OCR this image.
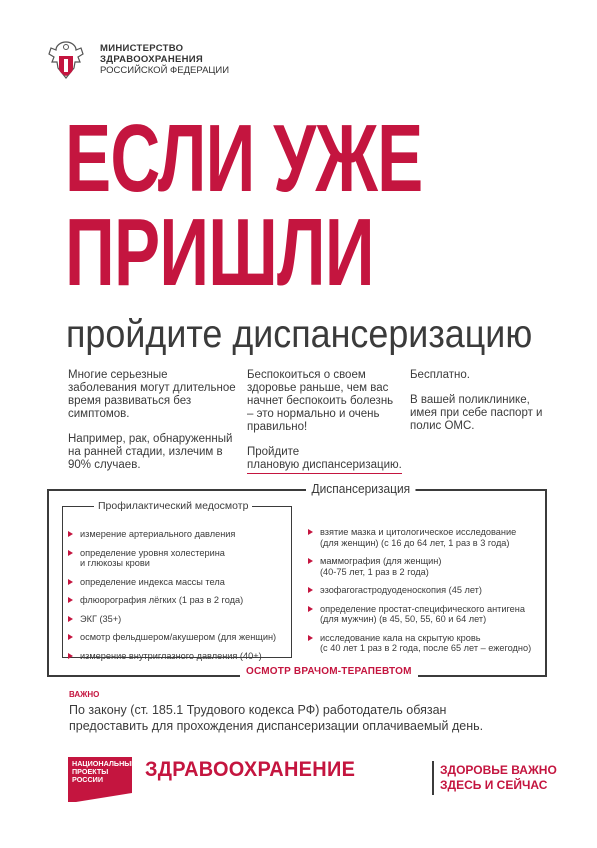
МИНИСТЕРСТВО
ЗДРАВООХРАНЕНИЯ
РОССИЙСКОЙ ФЕДЕРАЦИИ
ЕСЛИ УЖЕ
ПРИШЛИ
пройдите диспансеризацию

Многие серьезные заболевания могут длительное время развиваться без симптомов.

Например, рак, обнаруженный на ранней стадии, излечим в 90% случаев.

Беспокоиться о своем здоровье раньше, чем вас начнет беспокоить болезнь – это нормально и очень правильно!

Пройдите
плановую диспансеризацию.

Бесплатно.

В вашей поликлинике, имея при себе паспорт и полис ОМС.

Диспансеризация
Профилактический медосмотр
измерение артериального давления
определение уровня холестерина
и глюкозы крови
определение индекса массы тела
флюорография лёгких (1 раз в 2 года)
ЭКГ (35+)
осмотр фельдшером/акушером (для женщин)
измерение внутриглазного давления (40+)
взятие мазка и цитологическое исследование
(для женщин) (с 16 до 64 лет, 1 раз в 3 года)
маммография (для женщин)
(40-75 лет, 1 раз в 2 года)
эзофагогастродуоденоскопия (45 лет)
определение простат-специфического антигена
(для мужчин) (в 45, 50, 55, 60 и 64 лет)
исследование кала на скрытую кровь
(с 40 лет 1 раз в 2 года, после 65 лет – ежегодно)
ОСМОТР ВРАЧОМ-ТЕРАПЕВТОМ
ВАЖНО
По закону (ст. 185.1 Трудового кодекса РФ) работодатель обязан предоставить для прохождения диспансеризации оплачиваемый день.
НАЦИОНАЛЬНЫЕ
ПРОЕКТЫ
РОССИИ	ЗДРАВООХРАНЕНИЕ	ЗДОРОВЬЕ ВАЖНО
ЗДЕСЬ И СЕЙЧАС
